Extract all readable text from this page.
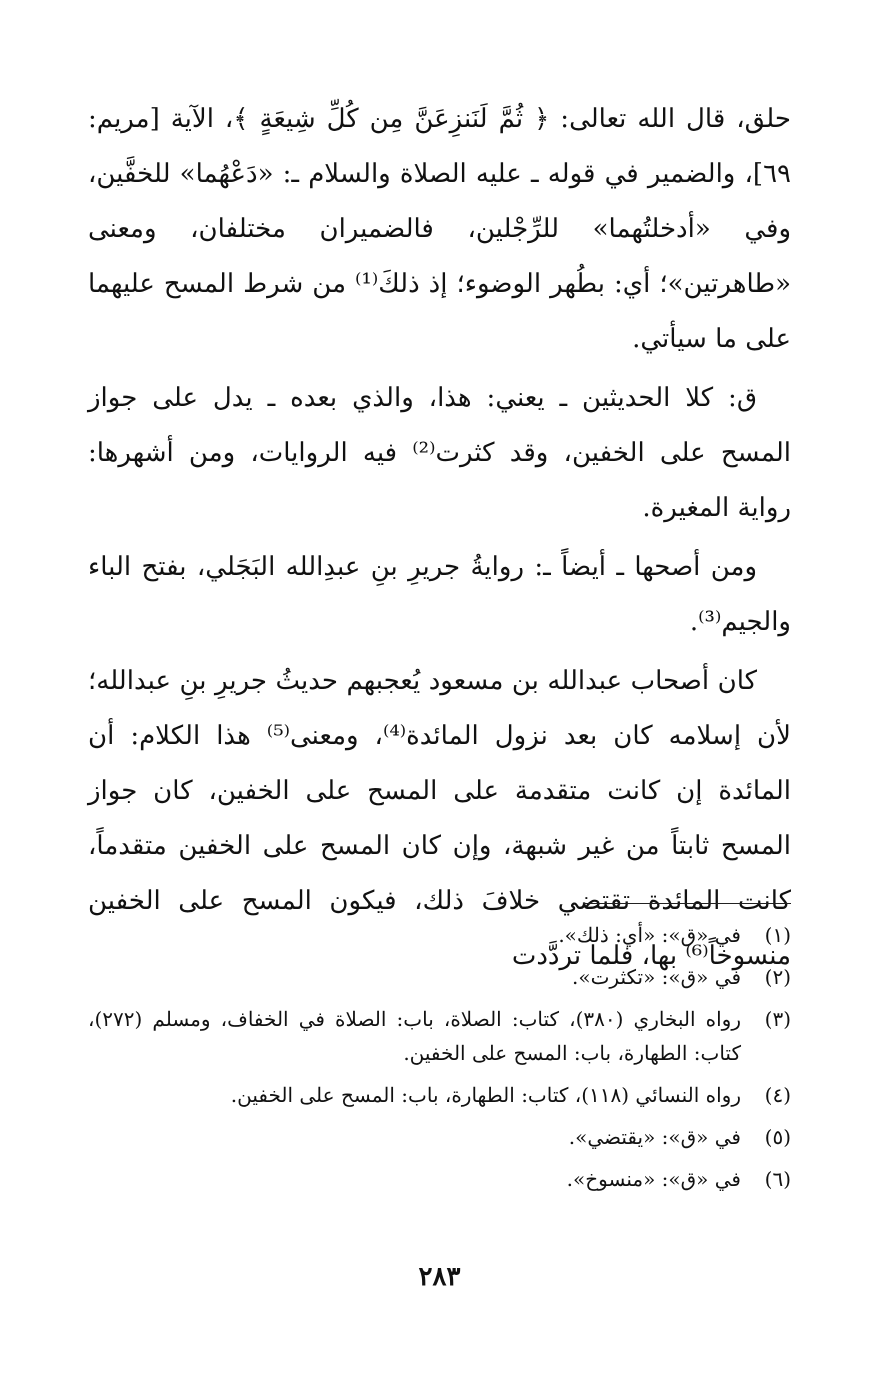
حلق، قال الله تعالى: ﴿ ثُمَّ لَنَنزِعَنَّ مِن كُلِّ شِيعَةٍ ﴾، الآية [مريم: ٦٩]، والضمير في قوله ـ عليه الصلاة والسلام ـ: «دَعْهُما» للخفَّين، وفي «أدخلتُهما» للرِّجْلين، فالضميران مختلفان، ومعنى «طاهرتين»؛ أي: بطُهر الوضوء؛ إذ ذلكَ⁽¹⁾ من شرط المسح عليهما على ما سيأتي.

ق: كلا الحديثين ـ يعني: هذا، والذي بعده ـ يدل على جواز المسح على الخفين، وقد كثرت⁽²⁾ فيه الروايات، ومن أشهرها: رواية المغيرة.

ومن أصحها ـ أيضاً ـ: روايةُ جريرِ بنِ عبدِالله البَجَلي، بفتح الباء والجيم⁽³⁾.

كان أصحاب عبدالله بن مسعود يُعجبهم حديثُ جريرِ بنِ عبدالله؛ لأن إسلامه كان بعد نزول المائدة⁽⁴⁾، ومعنى⁽⁵⁾ هذا الكلام: أن المائدة إن كانت متقدمة على المسح على الخفين، كان جواز المسح ثابتاً من غير شبهة، وإن كان المسح على الخفين متقدماً، كانت المائدة تقتضي خلافَ ذلك، فيكون المسح على الخفين منسوخاً⁽⁶⁾ بها، فلما تردَّدت

(١)
في «ق»: «أي: ذلك».
(٢)
في «ق»: «تكثرت».
(٣)
رواه البخاري (٣٨٠)، كتاب: الصلاة، باب: الصلاة في الخفاف، ومسلم (٢٧٢)، كتاب: الطهارة، باب: المسح على الخفين.
(٤)
رواه النسائي (١١٨)، كتاب: الطهارة، باب: المسح على الخفين.
(٥)
في «ق»: «يقتضي».
(٦)
في «ق»: «منسوخ».
٢٨٣
